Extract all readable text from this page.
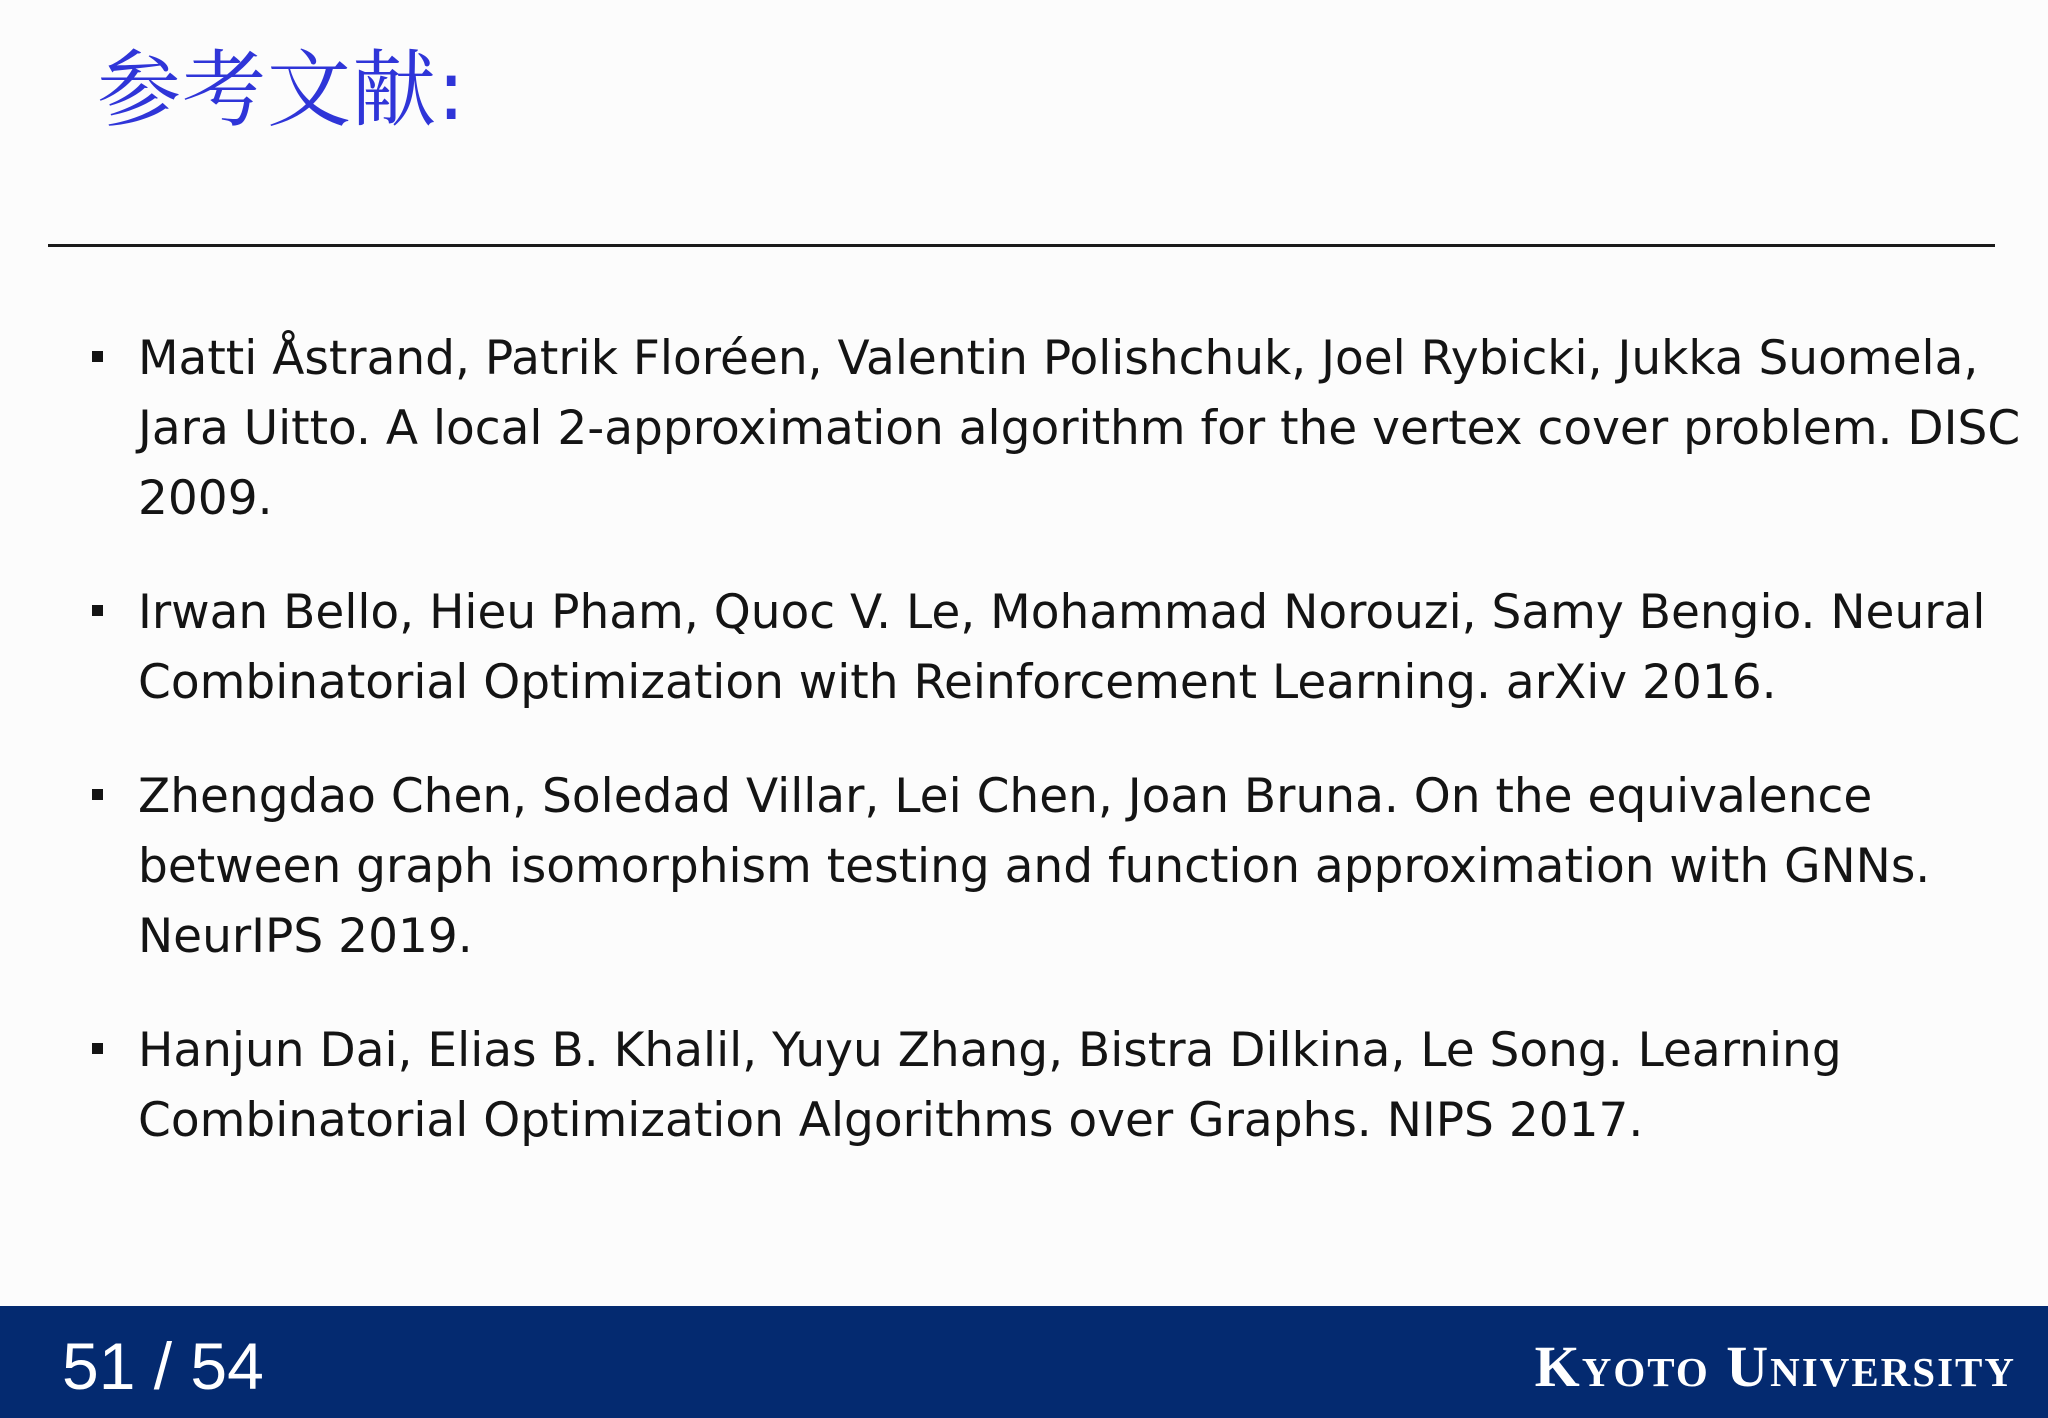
参考文献:
Matti Åstrand, Patrik Floréen, Valentin Polishchuk, Joel Rybicki, Jukka Suomela,
Jara Uitto. A local 2-approximation algorithm for the vertex cover problem. DISC
2009.
Irwan Bello, Hieu Pham, Quoc V. Le, Mohammad Norouzi, Samy Bengio. Neural
Combinatorial Optimization with Reinforcement Learning. arXiv 2016.
Zhengdao Chen, Soledad Villar, Lei Chen, Joan Bruna. On the equivalence
between graph isomorphism testing and function approximation with GNNs.
NeurIPS 2019.
Hanjun Dai, Elias B. Khalil, Yuyu Zhang, Bistra Dilkina, Le Song. Learning
Combinatorial Optimization Algorithms over Graphs. NIPS 2017.
51 / 54	Kyoto University
